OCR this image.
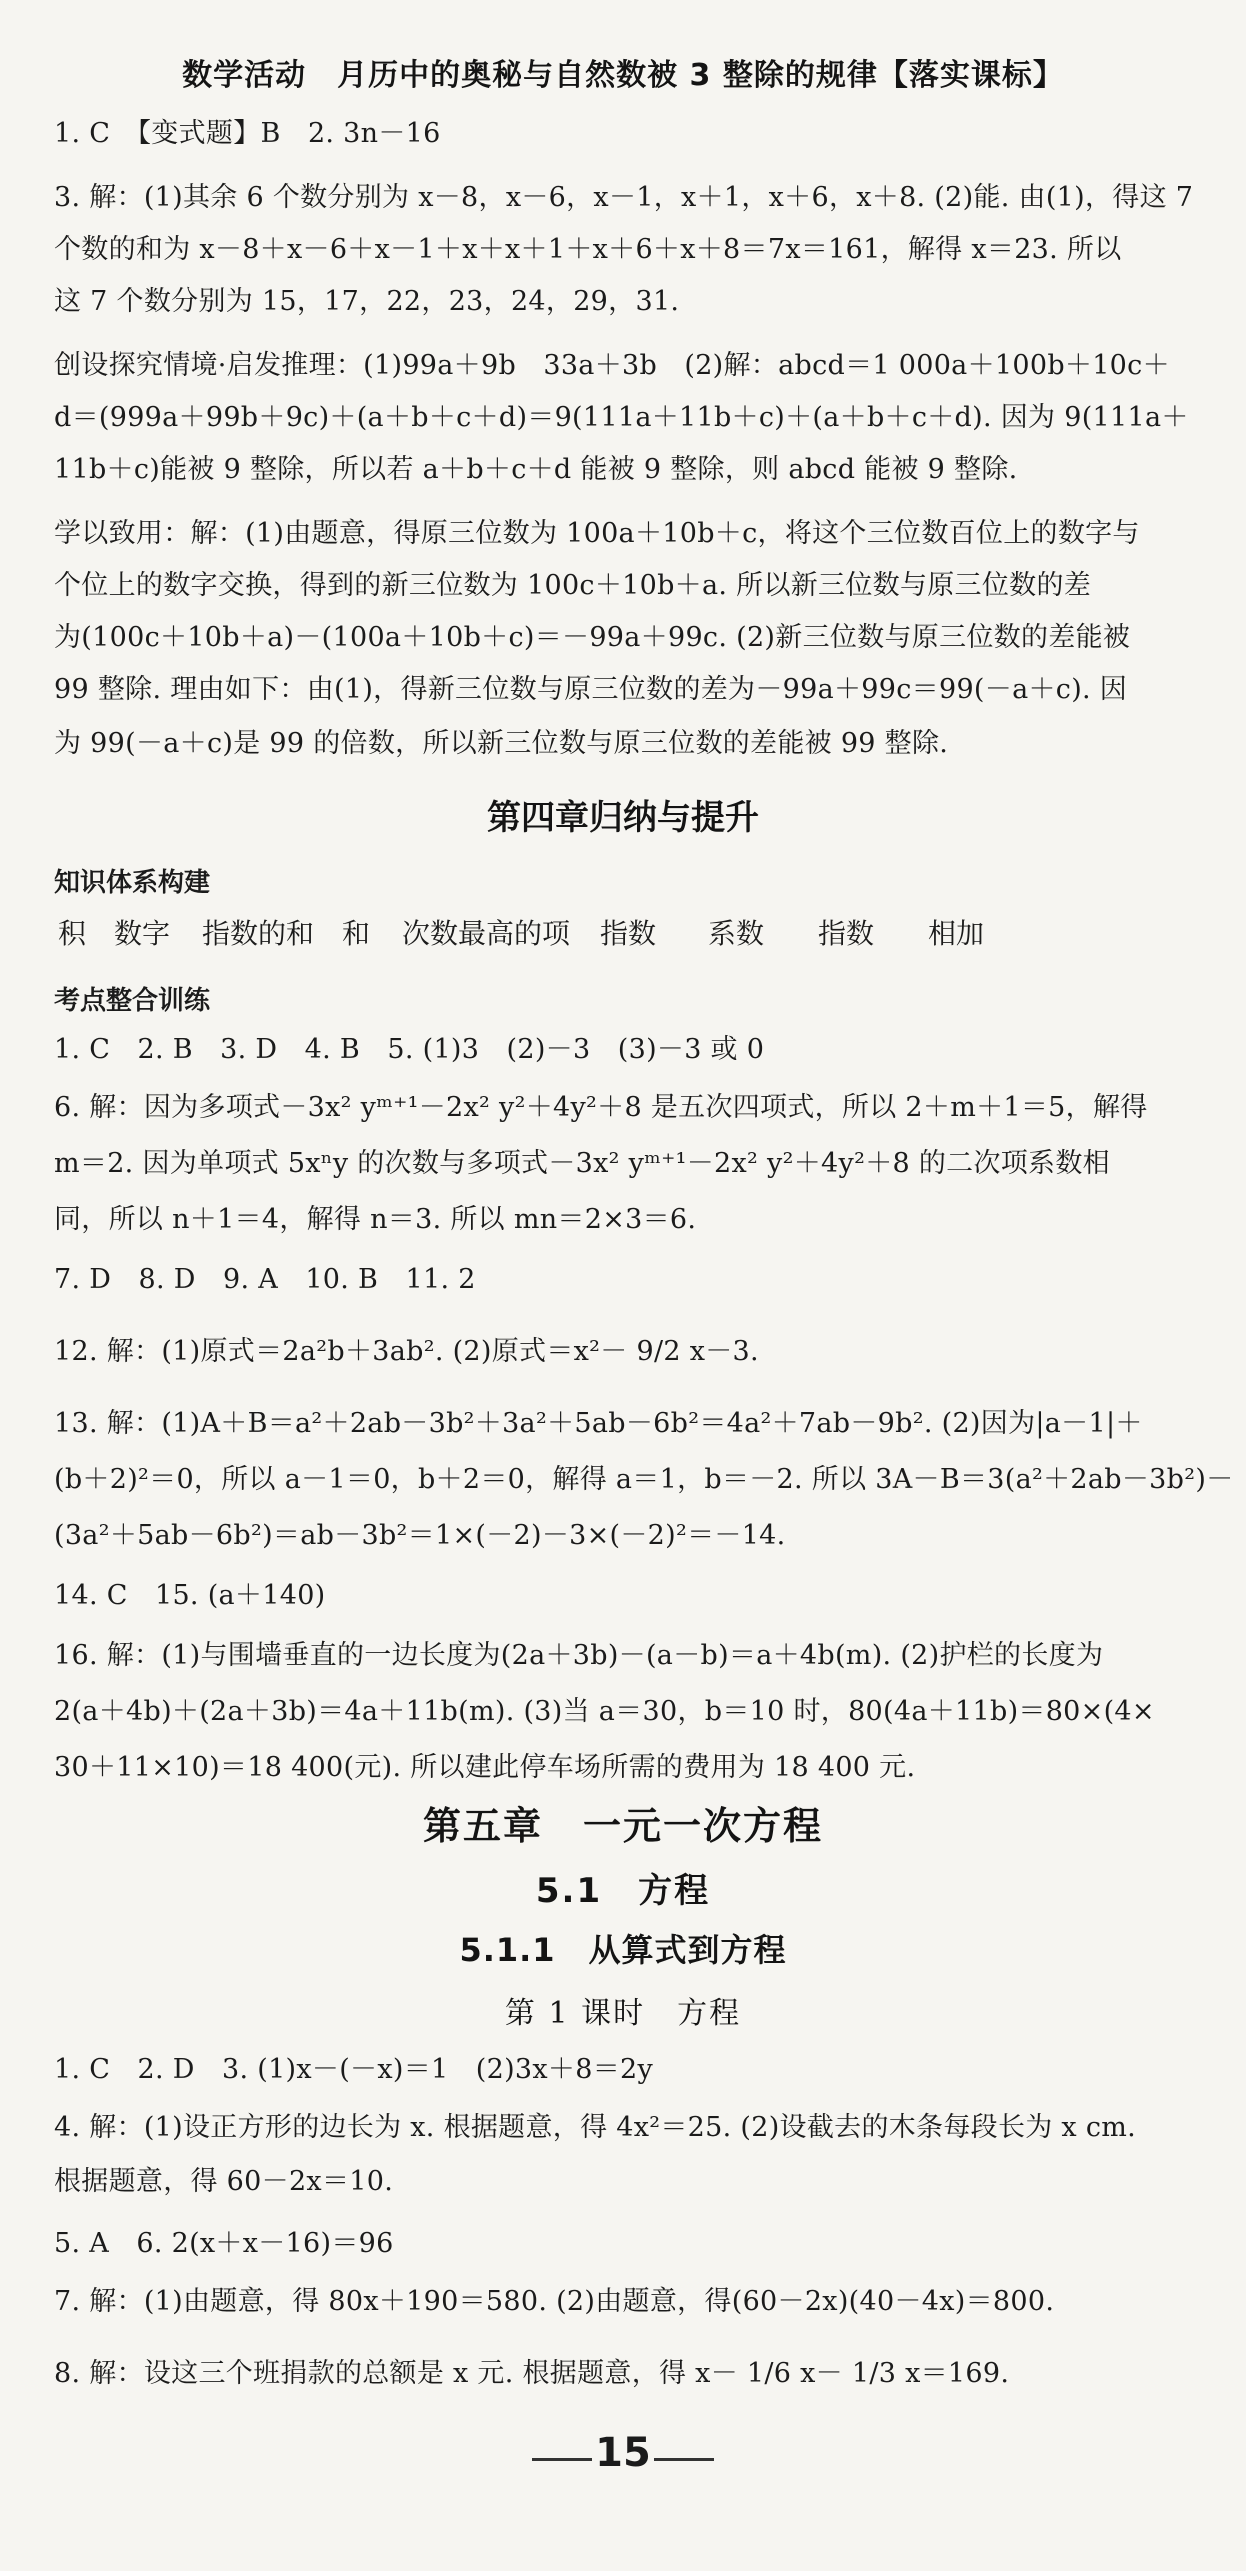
数学活动　月历中的奥秘与自然数被 3 整除的规律【落实课标】
1. C　【变式题】B　2. 3n－16
3. 解：(1)其余 6 个数分别为 x－8，x－6，x－1，x＋1，x＋6，x＋8. (2)能. 由(1)，得这 7
个数的和为 x－8＋x－6＋x－1＋x＋x＋1＋x＋6＋x＋8＝7x＝161，解得 x＝23. 所以
这 7 个数分别为 15，17，22，23，24，29，31.
创设探究情境·启发推理：(1)99a＋9b　33a＋3b　(2)解：abcd＝1 000a＋100b＋10c＋
d＝(999a＋99b＋9c)＋(a＋b＋c＋d)＝9(111a＋11b＋c)＋(a＋b＋c＋d). 因为 9(111a＋
11b＋c)能被 9 整除，所以若 a＋b＋c＋d 能被 9 整除，则 abcd 能被 9 整除.
学以致用：解：(1)由题意，得原三位数为 100a＋10b＋c，将这个三位数百位上的数字与
个位上的数字交换，得到的新三位数为 100c＋10b＋a. 所以新三位数与原三位数的差
为(100c＋10b＋a)－(100a＋10b＋c)＝－99a＋99c. (2)新三位数与原三位数的差能被
99 整除. 理由如下：由(1)，得新三位数与原三位数的差为－99a＋99c＝99(－a＋c). 因
为 99(－a＋c)是 99 的倍数，所以新三位数与原三位数的差能被 99 整除.
第四章归纳与提升
知识体系构建
积 数字 指数的和 和 次数最高的项 指数 系数 指数 相加
考点整合训练
1. C　2. B　3. D　4. B　5. (1)3　(2)－3　(3)－3 或 0
6. 解：因为多项式－3x² yᵐ⁺¹－2x² y²＋4y²＋8 是五次四项式，所以 2＋m＋1＝5，解得
m＝2. 因为单项式 5xⁿy 的次数与多项式－3x² yᵐ⁺¹－2x² y²＋4y²＋8 的二次项系数相
同，所以 n＋1＝4，解得 n＝3. 所以 mn＝2×3＝6.
7. D　8. D　9. A　10. B　11. 2
12. 解：(1)原式＝2a²b＋3ab². (2)原式＝x²－ 9/2 x－3.
13. 解：(1)A＋B＝a²＋2ab－3b²＋3a²＋5ab－6b²＝4a²＋7ab－9b². (2)因为|a－1|＋
(b＋2)²＝0，所以 a－1＝0，b＋2＝0，解得 a＝1，b＝－2. 所以 3A－B＝3(a²＋2ab－3b²)－
(3a²＋5ab－6b²)＝ab－3b²＝1×(－2)－3×(－2)²＝－14.
14. C　15. (a＋140)
16. 解：(1)与围墙垂直的一边长度为(2a＋3b)－(a－b)＝a＋4b(m). (2)护栏的长度为
2(a＋4b)＋(2a＋3b)＝4a＋11b(m). (3)当 a＝30，b＝10 时，80(4a＋11b)＝80×(4×
30＋11×10)＝18 400(元). 所以建此停车场所需的费用为 18 400 元.
第五章　一元一次方程
5.1　方程
5.1.1　从算式到方程
第 1 课时　方程
1. C　2. D　3. (1)x－(－x)＝1　(2)3x＋8＝2y
4. 解：(1)设正方形的边长为 x. 根据题意，得 4x²＝25. (2)设截去的木条每段长为 x cm.
根据题意，得 60－2x＝10.
5. A　6. 2(x＋x－16)＝96
7. 解：(1)由题意，得 80x＋190＝580. (2)由题意，得(60－2x)(40－4x)＝800.
8. 解：设这三个班捐款的总额是 x 元. 根据题意，得 x－ 1/6 x－ 1/3 x＝169.
15
